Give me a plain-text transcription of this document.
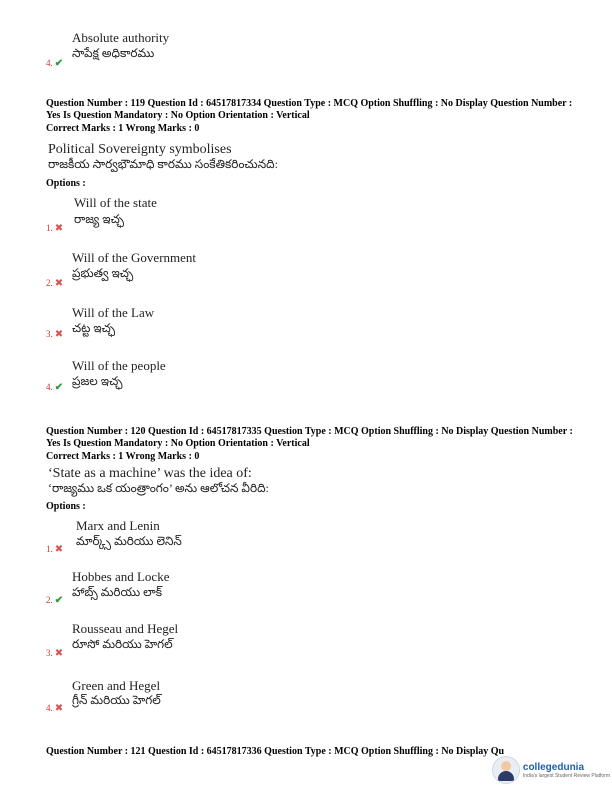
Absolute authority
సాపేక్ష అధికారము
4. ✔
Question Number : 119 Question Id : 64517817334 Question Type : MCQ Option Shuffling : No Display Question Number :
Yes Is Question Mandatory : No Option Orientation : Vertical
Correct Marks : 1 Wrong Marks : 0
Political Sovereignty symbolises
రాజకీయ సార్వభౌమాధి కారము సంకేతికరించునది:
Options :
Will of the state
రాజ్య ఇచ్ఛ
1. ✖
Will of the Government
ప్రభుత్వ ఇచ్ఛ
2. ✖
Will of the Law
చట్ట ఇచ్ఛ
3. ✖
Will of the people
ప్రజల ఇచ్ఛ
4. ✔
Question Number : 120 Question Id : 64517817335 Question Type : MCQ Option Shuffling : No Display Question Number :
Yes Is Question Mandatory : No Option Orientation : Vertical
Correct Marks : 1 Wrong Marks : 0
‘State as a machine’ was the idea of:
‘రాజ్యము ఒక యంత్రాంగం’ అను ఆలోచన వీరిది:
Options :
Marx and Lenin
మార్క్స్ మరియు లెనిన్
1. ✖
Hobbes and Locke
హాబ్స్ మరియు లాక్
2. ✔
Rousseau and Hegel
రూసో మరియు హెగల్
3. ✖
Green and Hegel
గ్రీన్ మరియు హెగల్
4. ✖
Question Number : 121 Question Id : 64517817336 Question Type : MCQ Option Shuffling : No Display Qu
collegedunia
India's largest Student Review Platform
